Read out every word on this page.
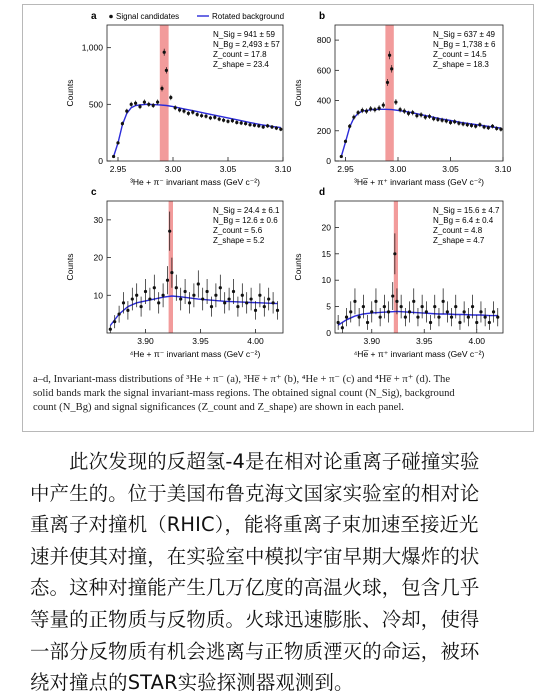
a
2.95	3.00	3.05	3.10
0
500
1,000
³He + π⁻ invariant mass (GeV c⁻²)
Counts
N_Sig = 941 ± 59
N_Bg = 2,493 ± 57
Z_count = 17.8
Z_shape = 23.4
Signal candidates	Rotated background	b
2.95	3.00	3.05	3.10
0
200
400
600
800
³He̅ + π⁺ invariant mass (GeV c⁻²)
Counts
N_Sig = 637 ± 49
N_Bg = 1,738 ± 6
Z_count = 14.5
Z_shape = 18.3
c
3.90	3.95	4.00
10
20
30
⁴He + π⁻ invariant mass (GeV c⁻²)
Counts
N_Sig = 24.4 ± 6.1
N_Bg = 12.6 ± 0.6
Z_count = 5.6
Z_shape = 5.2
d
3.90	3.95	4.00
0
5
10
15
20
⁴He̅ + π⁺ invariant mass (GeV c⁻²)
Counts
N_Sig = 15.6 ± 4.7
N_Bg = 6.4 ± 0.4
Z_count = 4.8
Z_shape = 4.7
a–d, Invariant-mass distributions of ³He + π⁻ (a), ³He̅ + π⁺ (b), ⁴He + π⁻ (c) and ⁴He̅ + π⁺ (d). The
solid bands mark the signal invariant-mass regions. The obtained signal count (N_Sig), background
count (N_Bg) and signal significances (Z_count and Z_shape) are shown in each panel.
　　此次发现的反超氢-4是在相对论重离子碰撞实验
中产生的。位于美国布鲁克海文国家实验室的相对论
重离子对撞机（RHIC），能将重离子束加速至接近光
速并使其对撞，在实验室中模拟宇宙早期大爆炸的状
态。这种对撞能产生几万亿度的高温火球，包含几乎
等量的正物质与反物质。火球迅速膨胀、冷却，使得
一部分反物质有机会逃离与正物质湮灭的命运，被环
绕对撞点的STAR实验探测器观测到。
